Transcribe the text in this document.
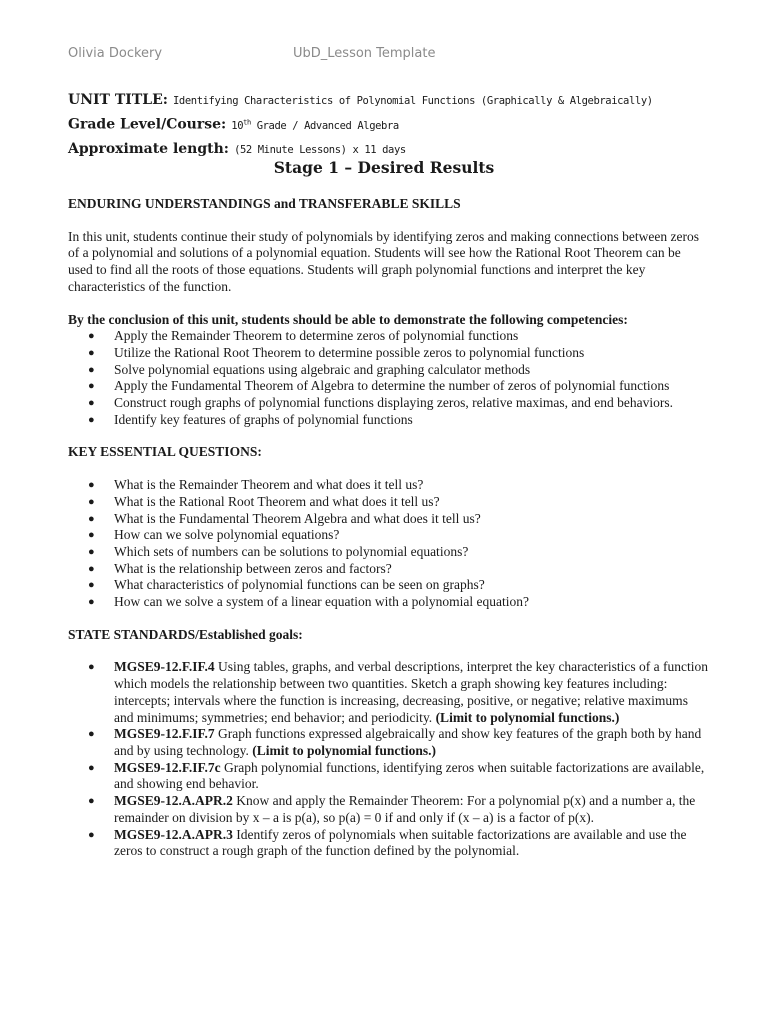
Olivia Dockery	UbD_Lesson Template
UNIT TITLE: Identifying Characteristics of Polynomial Functions (Graphically & Algebraically)
Grade Level/Course: 10th Grade / Advanced Algebra
Approximate length: (52 Minute Lessons) x 11 days
Stage 1 – Desired Results

ENDURING UNDERSTANDINGS and TRANSFERABLE SKILLS

In this unit, students continue their study of polynomials by identifying zeros and making connections between zeros of a polynomial and solutions of a polynomial equation. Students will see how the Rational Root Theorem can be used to find all the roots of those equations. Students will graph polynomial functions and interpret the key characteristics of the function.

By the conclusion of this unit, students should be able to demonstrate the following competencies:

● Apply the Remainder Theorem to determine zeros of polynomial functions
● Utilize the Rational Root Theorem to determine possible zeros to polynomial functions
● Solve polynomial equations using algebraic and graphing calculator methods
● Apply the Fundamental Theorem of Algebra to determine the number of zeros of polynomial functions
● Construct rough graphs of polynomial functions displaying zeros, relative maximas, and end behaviors.
● Identify key features of graphs of polynomial functions

KEY ESSENTIAL QUESTIONS:

● What is the Remainder Theorem and what does it tell us?
● What is the Rational Root Theorem and what does it tell us?
● What is the Fundamental Theorem Algebra and what does it tell us?
● How can we solve polynomial equations?
● Which sets of numbers can be solutions to polynomial equations?
● What is the relationship between zeros and factors?
● What characteristics of polynomial functions can be seen on graphs?
● How can we solve a system of a linear equation with a polynomial equation?

STATE STANDARDS/Established goals:

● MGSE9-12.F.IF.4 Using tables, graphs, and verbal descriptions, interpret the key characteristics of a function which models the relationship between two quantities. Sketch a graph showing key features including: intercepts; intervals where the function is increasing, decreasing, positive, or negative; relative maximums and minimums; symmetries; end behavior; and periodicity. (Limit to polynomial functions.)
● MGSE9-12.F.IF.7 Graph functions expressed algebraically and show key features of the graph both by hand and by using technology. (Limit to polynomial functions.)
● MGSE9-12.F.IF.7c Graph polynomial functions, identifying zeros when suitable factorizations are available, and showing end behavior.
● MGSE9-12.A.APR.2 Know and apply the Remainder Theorem: For a polynomial p(x) and a number a, the remainder on division by x – a is p(a), so p(a) = 0 if and only if (x – a) is a factor of p(x).
● MGSE9-12.A.APR.3 Identify zeros of polynomials when suitable factorizations are available and use the zeros to construct a rough graph of the function defined by the polynomial.
